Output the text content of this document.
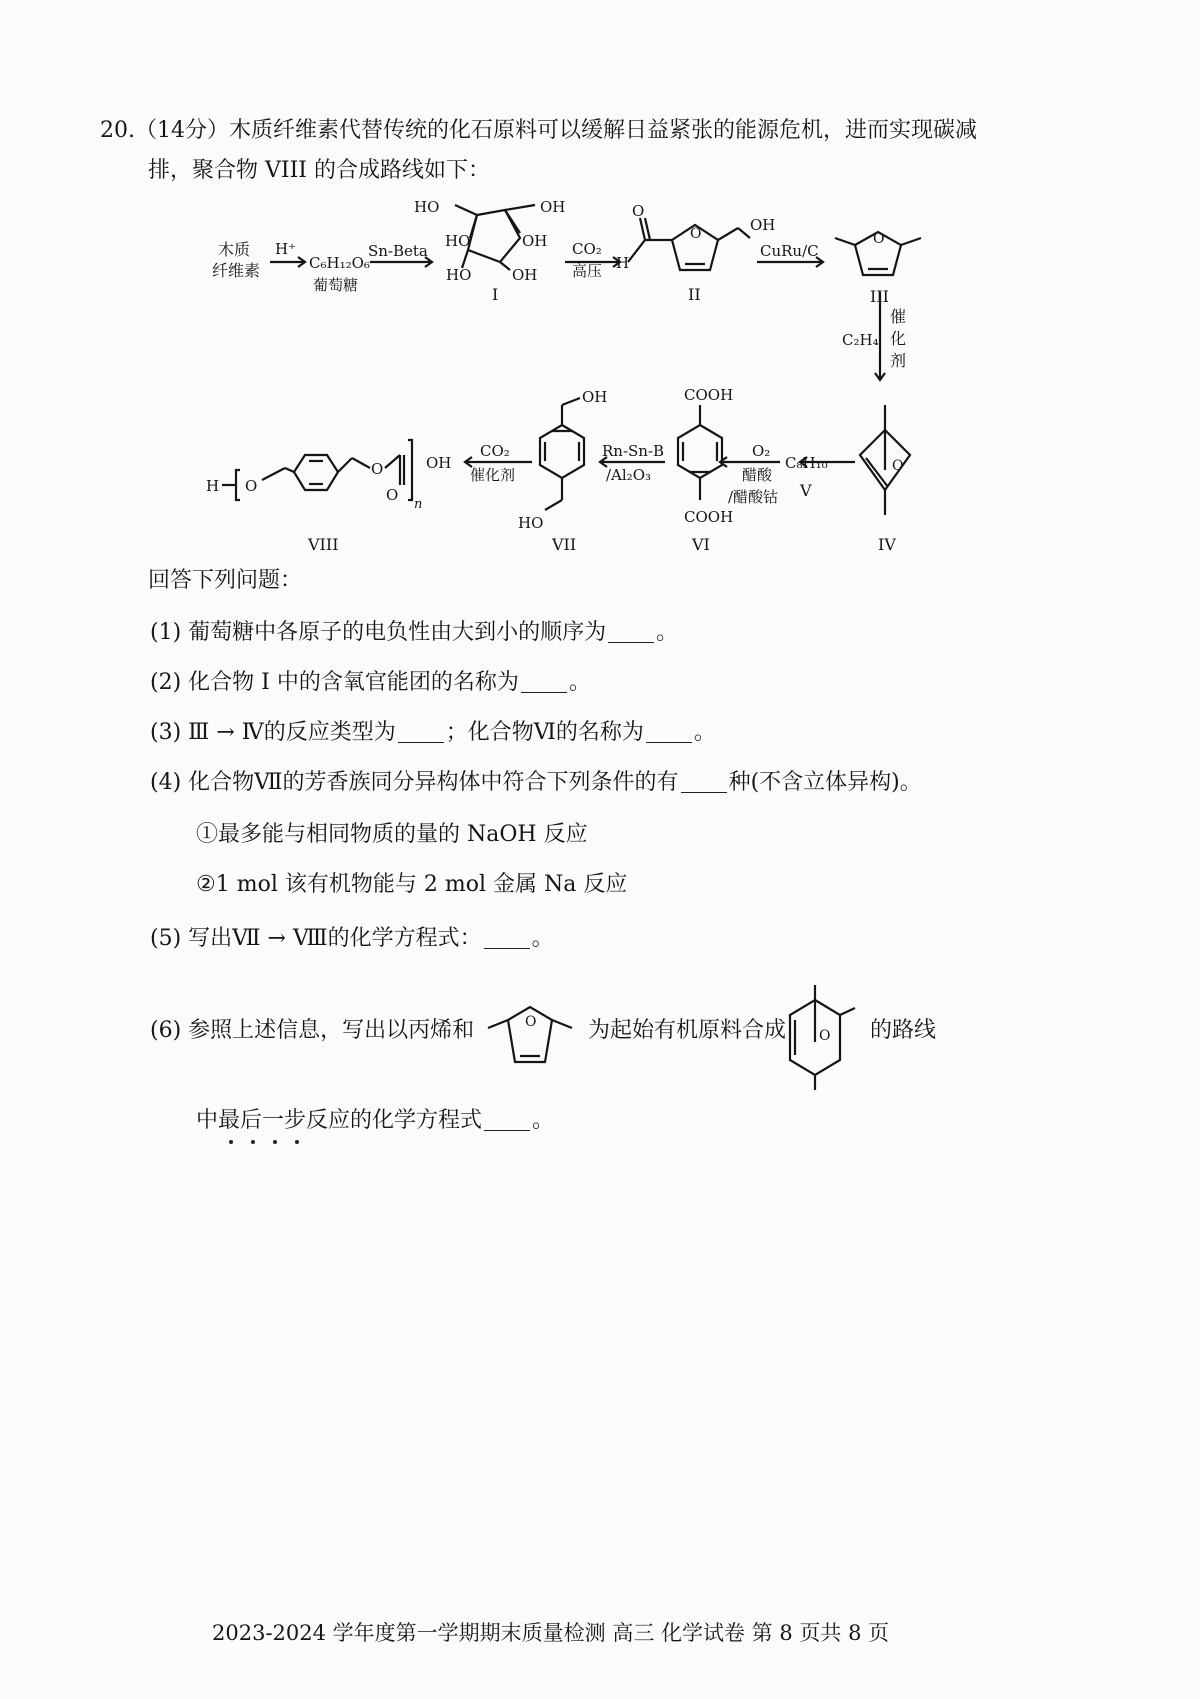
20.（14分）木质纤维素代替传统的化石原料可以缓解日益紧张的能源危机，进而实现碳减
排，聚合物 VIII 的合成路线如下：
木质
纤维素
H⁺
C₆H₁₂O₆
葡萄糖
Sn-Beta
HO	OH
HO	OH
HO	OH
I
CO₂
高压 H
O
O	OH
II
CuRu/C
O
III
C₂H₄
催
化
剂
O
IV
C₈H₁₀
V
O₂
醋酸
/醋酸钴
COOH
COOH
VI
Rn-Sn-B
/Al₂O₃
OH
HO
VII
CO₂
催化剂
H O
O
O
n
OH
VIII
回答下列问题：
(1) 葡萄糖中各原子的电负性由大到小的顺序为 。
(2) 化合物 I 中的含氧官能团的名称为 。
(3) Ⅲ → Ⅳ的反应类型为 ；化合物Ⅵ的名称为 。
(4) 化合物Ⅶ的芳香族同分异构体中符合下列条件的有 种(不含立体异构)。
①最多能与相同物质的量的 NaOH 反应
②1 mol 该有机物能与 2 mol 金属 Na 反应
(5) 写出Ⅶ → Ⅷ的化学方程式： 。
(6) 参照上述信息，写出以丙烯和	O
O
为起始有机原料合成	的路线
中最后一步反应的化学方程式 。
2023-2024 学年度第一学期期末质量检测 高三 化学试卷 第 8 页共 8 页
